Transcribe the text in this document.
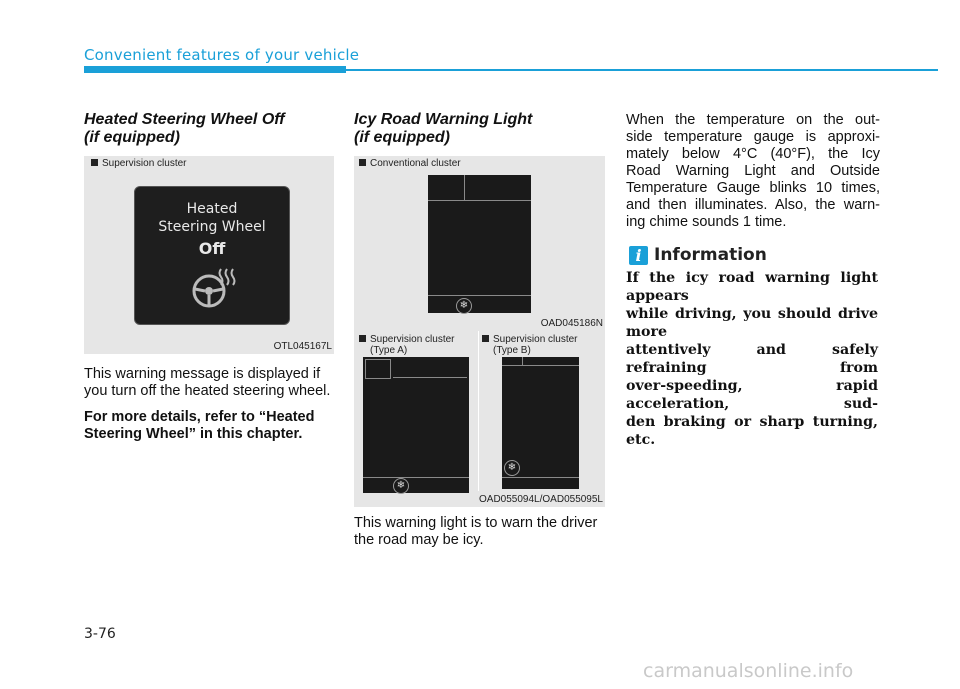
Convenient features of your vehicle
Heated Steering Wheel Off
(if equipped)
Supervision cluster
OTL045167L
Heated
Steering Wheel
Off
This warning message is displayed if
you turn off the heated steering wheel.
For more details, refer to “Heated
Steering Wheel” in this chapter.
Icy Road Warning Light
(if equipped)
Conventional cluster
❄
OAD045186N
Supervision cluster
(Type A)
Supervision cluster
(Type B)
❄
❄
OAD055094L/OAD055095L
This warning light is to warn the driver
the road may be icy.
When the temperature on the out-
side temperature gauge is approxi-
mately below 4°C (40°F), the Icy
Road Warning Light and Outside
Temperature Gauge blinks 10 times,
and then illuminates. Also, the warn-
ing chime sounds 1 time.
i Information
If the icy road warning light appears
while driving, you should drive more
attentively and safely refraining from
over-speeding, rapid acceleration, sud-
den braking or sharp turning, etc.
3-76
carmanualsonline.info
